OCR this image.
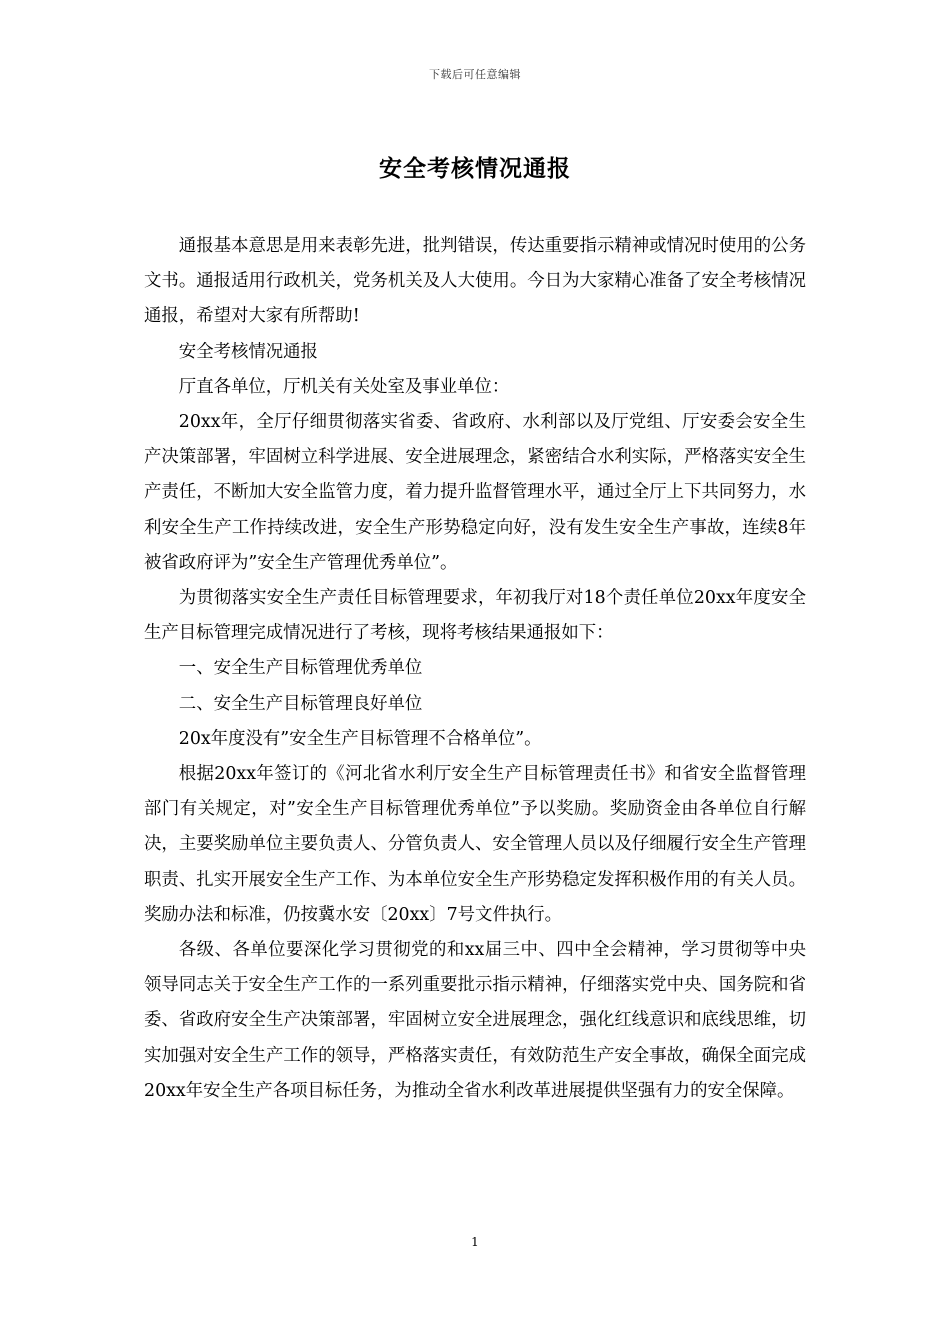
下载后可任意编辑
安全考核情况通报

通报基本意思是用来表彰先进，批判错误，传达重要指示精神或情况时使用的公务文书。通报适用行政机关，党务机关及人大使用。今日为大家精心准备了安全考核情况通报，希望对大家有所帮助!

安全考核情况通报

厅直各单位，厅机关有关处室及事业单位：

20xx年，全厅仔细贯彻落实省委、省政府、水利部以及厅党组、厅安委会安全生产决策部署，牢固树立科学进展、安全进展理念，紧密结合水利实际，严格落实安全生产责任，不断加大安全监管力度，着力提升监督管理水平，通过全厅上下共同努力，水利安全生产工作持续改进，安全生产形势稳定向好，没有发生安全生产事故，连续8年被省政府评为”安全生产管理优秀单位”。

为贯彻落实安全生产责任目标管理要求，年初我厅对18个责任单位20xx年度安全生产目标管理完成情况进行了考核，现将考核结果通报如下：

一、安全生产目标管理优秀单位

二、安全生产目标管理良好单位

20x年度没有”安全生产目标管理不合格单位”。

根据20xx年签订的《河北省水利厅安全生产目标管理责任书》和省安全监督管理部门有关规定，对”安全生产目标管理优秀单位”予以奖励。奖励资金由各单位自行解决，主要奖励单位主要负责人、分管负责人、安全管理人员以及仔细履行安全生产管理职责、扎实开展安全生产工作、为本单位安全生产形势稳定发挥积极作用的有关人员。奖励办法和标准，仍按冀水安〔20xx〕7号文件执行。

各级、各单位要深化学习贯彻党的和xx届三中、四中全会精神，学习贯彻等中央领导同志关于安全生产工作的一系列重要批示指示精神，仔细落实党中央、国务院和省委、省政府安全生产决策部署，牢固树立安全进展理念，强化红线意识和底线思维，切实加强对安全生产工作的领导，严格落实责任，有效防范生产安全事故，确保全面完成20xx年安全生产各项目标任务，为推动全省水利改革进展提供坚强有力的安全保障。

1
